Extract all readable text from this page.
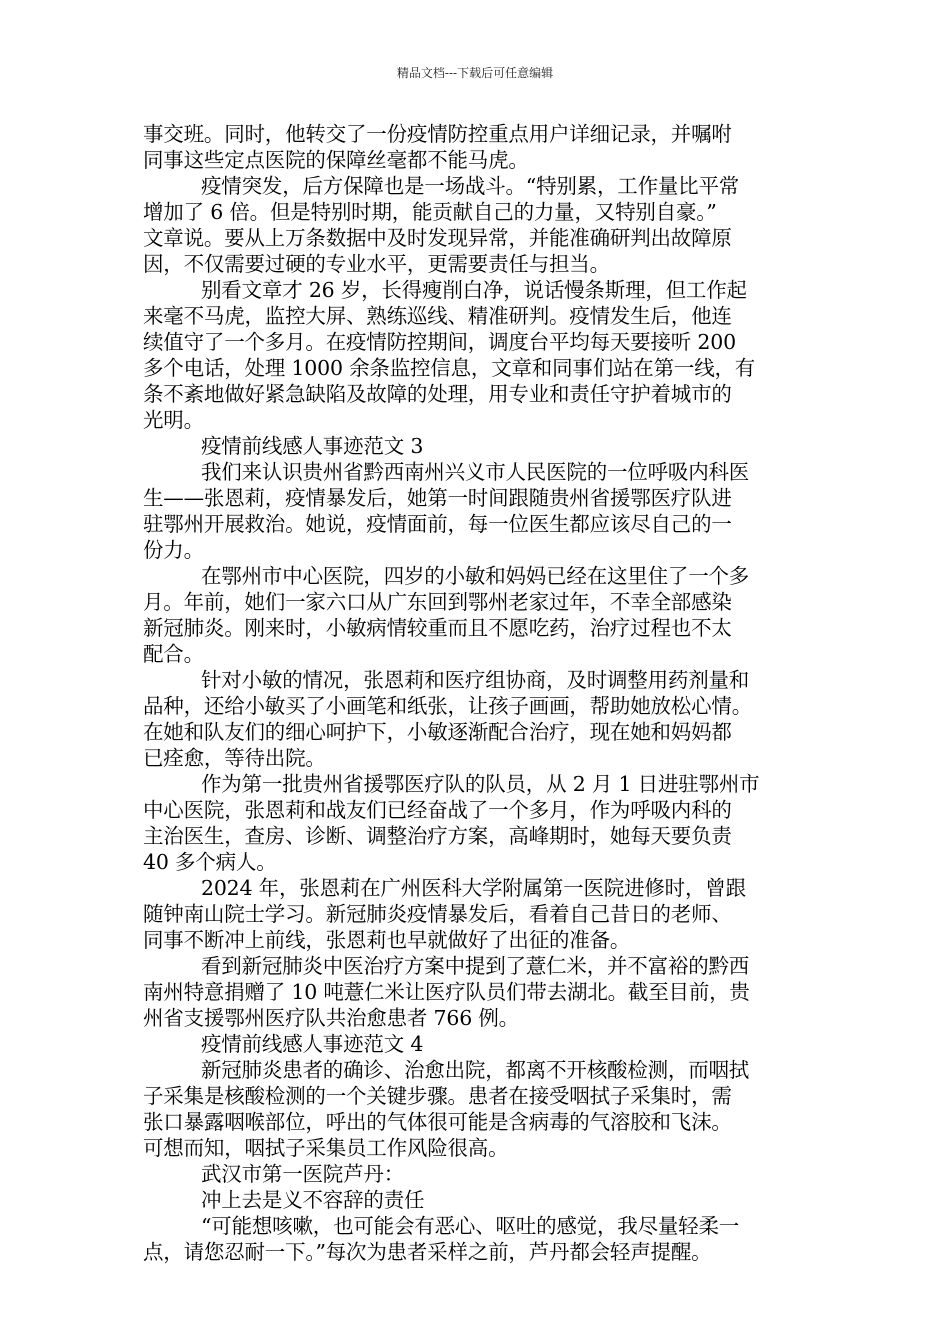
精品文档---下载后可任意编辑
事交班。同时，他转交了一份疫情防控重点用户详细记录，并嘱咐
同事这些定点医院的保障丝毫都不能马虎。
疫情突发，后方保障也是一场战斗。“特别累，工作量比平常
增加了 6 倍。但是特别时期，能贡献自己的力量，又特别自豪。”
文章说。要从上万条数据中及时发现异常，并能准确研判出故障原
因，不仅需要过硬的专业水平，更需要责任与担当。
别看文章才 26 岁，长得瘦削白净，说话慢条斯理，但工作起
来毫不马虎，监控大屏、熟练巡线、精准研判。疫情发生后，他连
续值守了一个多月。在疫情防控期间，调度台平均每天要接听 200
多个电话，处理 1000 余条监控信息，文章和同事们站在第一线，有
条不紊地做好紧急缺陷及故障的处理，用专业和责任守护着城市的
光明。
疫情前线感人事迹范文 3
我们来认识贵州省黔西南州兴义市人民医院的一位呼吸内科医
生——张恩莉，疫情暴发后，她第一时间跟随贵州省援鄂医疗队进
驻鄂州开展救治。她说，疫情面前，每一位医生都应该尽自己的一
份力。
在鄂州市中心医院，四岁的小敏和妈妈已经在这里住了一个多
月。年前，她们一家六口从广东回到鄂州老家过年，不幸全部感染
新冠肺炎。刚来时，小敏病情较重而且不愿吃药，治疗过程也不太
配合。
针对小敏的情况，张恩莉和医疗组协商，及时调整用药剂量和
品种，还给小敏买了小画笔和纸张，让孩子画画，帮助她放松心情。
在她和队友们的细心呵护下，小敏逐渐配合治疗，现在她和妈妈都
已痊愈，等待出院。
作为第一批贵州省援鄂医疗队的队员，从 2 月 1 日进驻鄂州市
中心医院，张恩莉和战友们已经奋战了一个多月，作为呼吸内科的
主治医生，查房、诊断、调整治疗方案，高峰期时，她每天要负责
40 多个病人。
2024 年，张恩莉在广州医科大学附属第一医院进修时，曾跟
随钟南山院士学习。新冠肺炎疫情暴发后，看着自己昔日的老师、
同事不断冲上前线，张恩莉也早就做好了出征的准备。
看到新冠肺炎中医治疗方案中提到了薏仁米，并不富裕的黔西
南州特意捐赠了 10 吨薏仁米让医疗队员们带去湖北。截至目前，贵
州省支援鄂州医疗队共治愈患者 766 例。
疫情前线感人事迹范文 4
新冠肺炎患者的确诊、治愈出院，都离不开核酸检测，而咽拭
子采集是核酸检测的一个关键步骤。患者在接受咽拭子采集时，需
张口暴露咽喉部位，呼出的气体很可能是含病毒的气溶胶和飞沫。
可想而知，咽拭子采集员工作风险很高。
武汉市第一医院芦丹：
冲上去是义不容辞的责任
“可能想咳嗽，也可能会有恶心、呕吐的感觉，我尽量轻柔一
点，请您忍耐一下。”每次为患者采样之前，芦丹都会轻声提醒。
